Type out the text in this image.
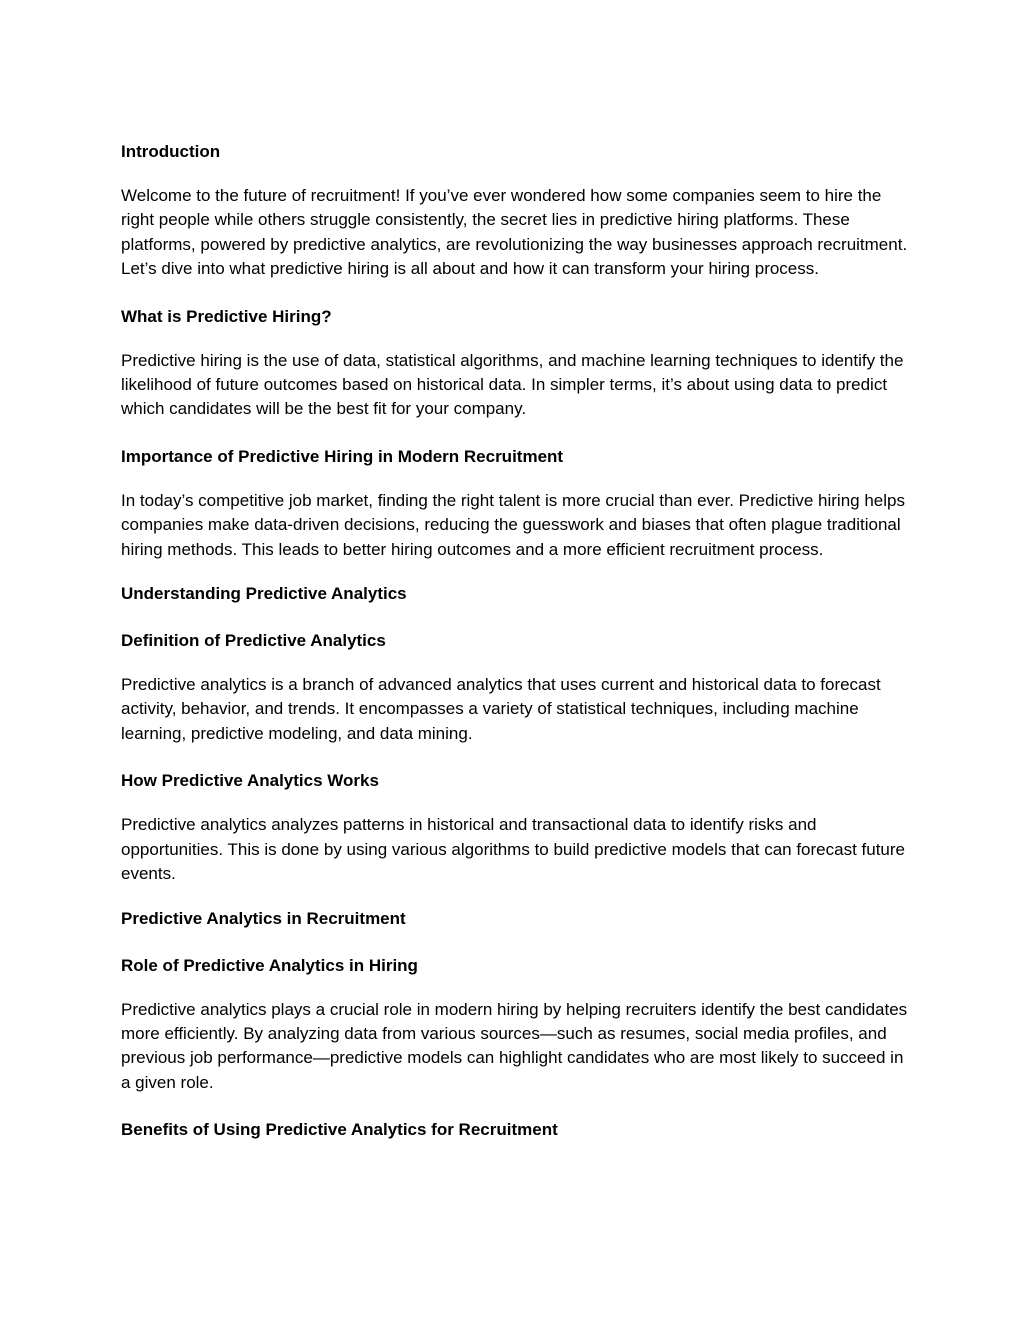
Introduction

Welcome to the future of recruitment! If you’ve ever wondered how some companies seem to hire the right people while others struggle consistently, the secret lies in predictive hiring platforms. These platforms, powered by predictive analytics, are revolutionizing the way businesses approach recruitment. Let’s dive into what predictive hiring is all about and how it can transform your hiring process.

What is Predictive Hiring?

Predictive hiring is the use of data, statistical algorithms, and machine learning techniques to identify the likelihood of future outcomes based on historical data. In simpler terms, it’s about using data to predict which candidates will be the best fit for your company.

Importance of Predictive Hiring in Modern Recruitment

In today’s competitive job market, finding the right talent is more crucial than ever. Predictive hiring helps companies make data-driven decisions, reducing the guesswork and biases that often plague traditional hiring methods. This leads to better hiring outcomes and a more efficient recruitment process.

Understanding Predictive Analytics

Definition of Predictive Analytics

Predictive analytics is a branch of advanced analytics that uses current and historical data to forecast activity, behavior, and trends. It encompasses a variety of statistical techniques, including machine learning, predictive modeling, and data mining.

How Predictive Analytics Works

Predictive analytics analyzes patterns in historical and transactional data to identify risks and opportunities. This is done by using various algorithms to build predictive models that can forecast future events.

Predictive Analytics in Recruitment

Role of Predictive Analytics in Hiring

Predictive analytics plays a crucial role in modern hiring by helping recruiters identify the best candidates more efficiently. By analyzing data from various sources—such as resumes, social media profiles, and previous job performance—predictive models can highlight candidates who are most likely to succeed in a given role.

Benefits of Using Predictive Analytics for Recruitment
